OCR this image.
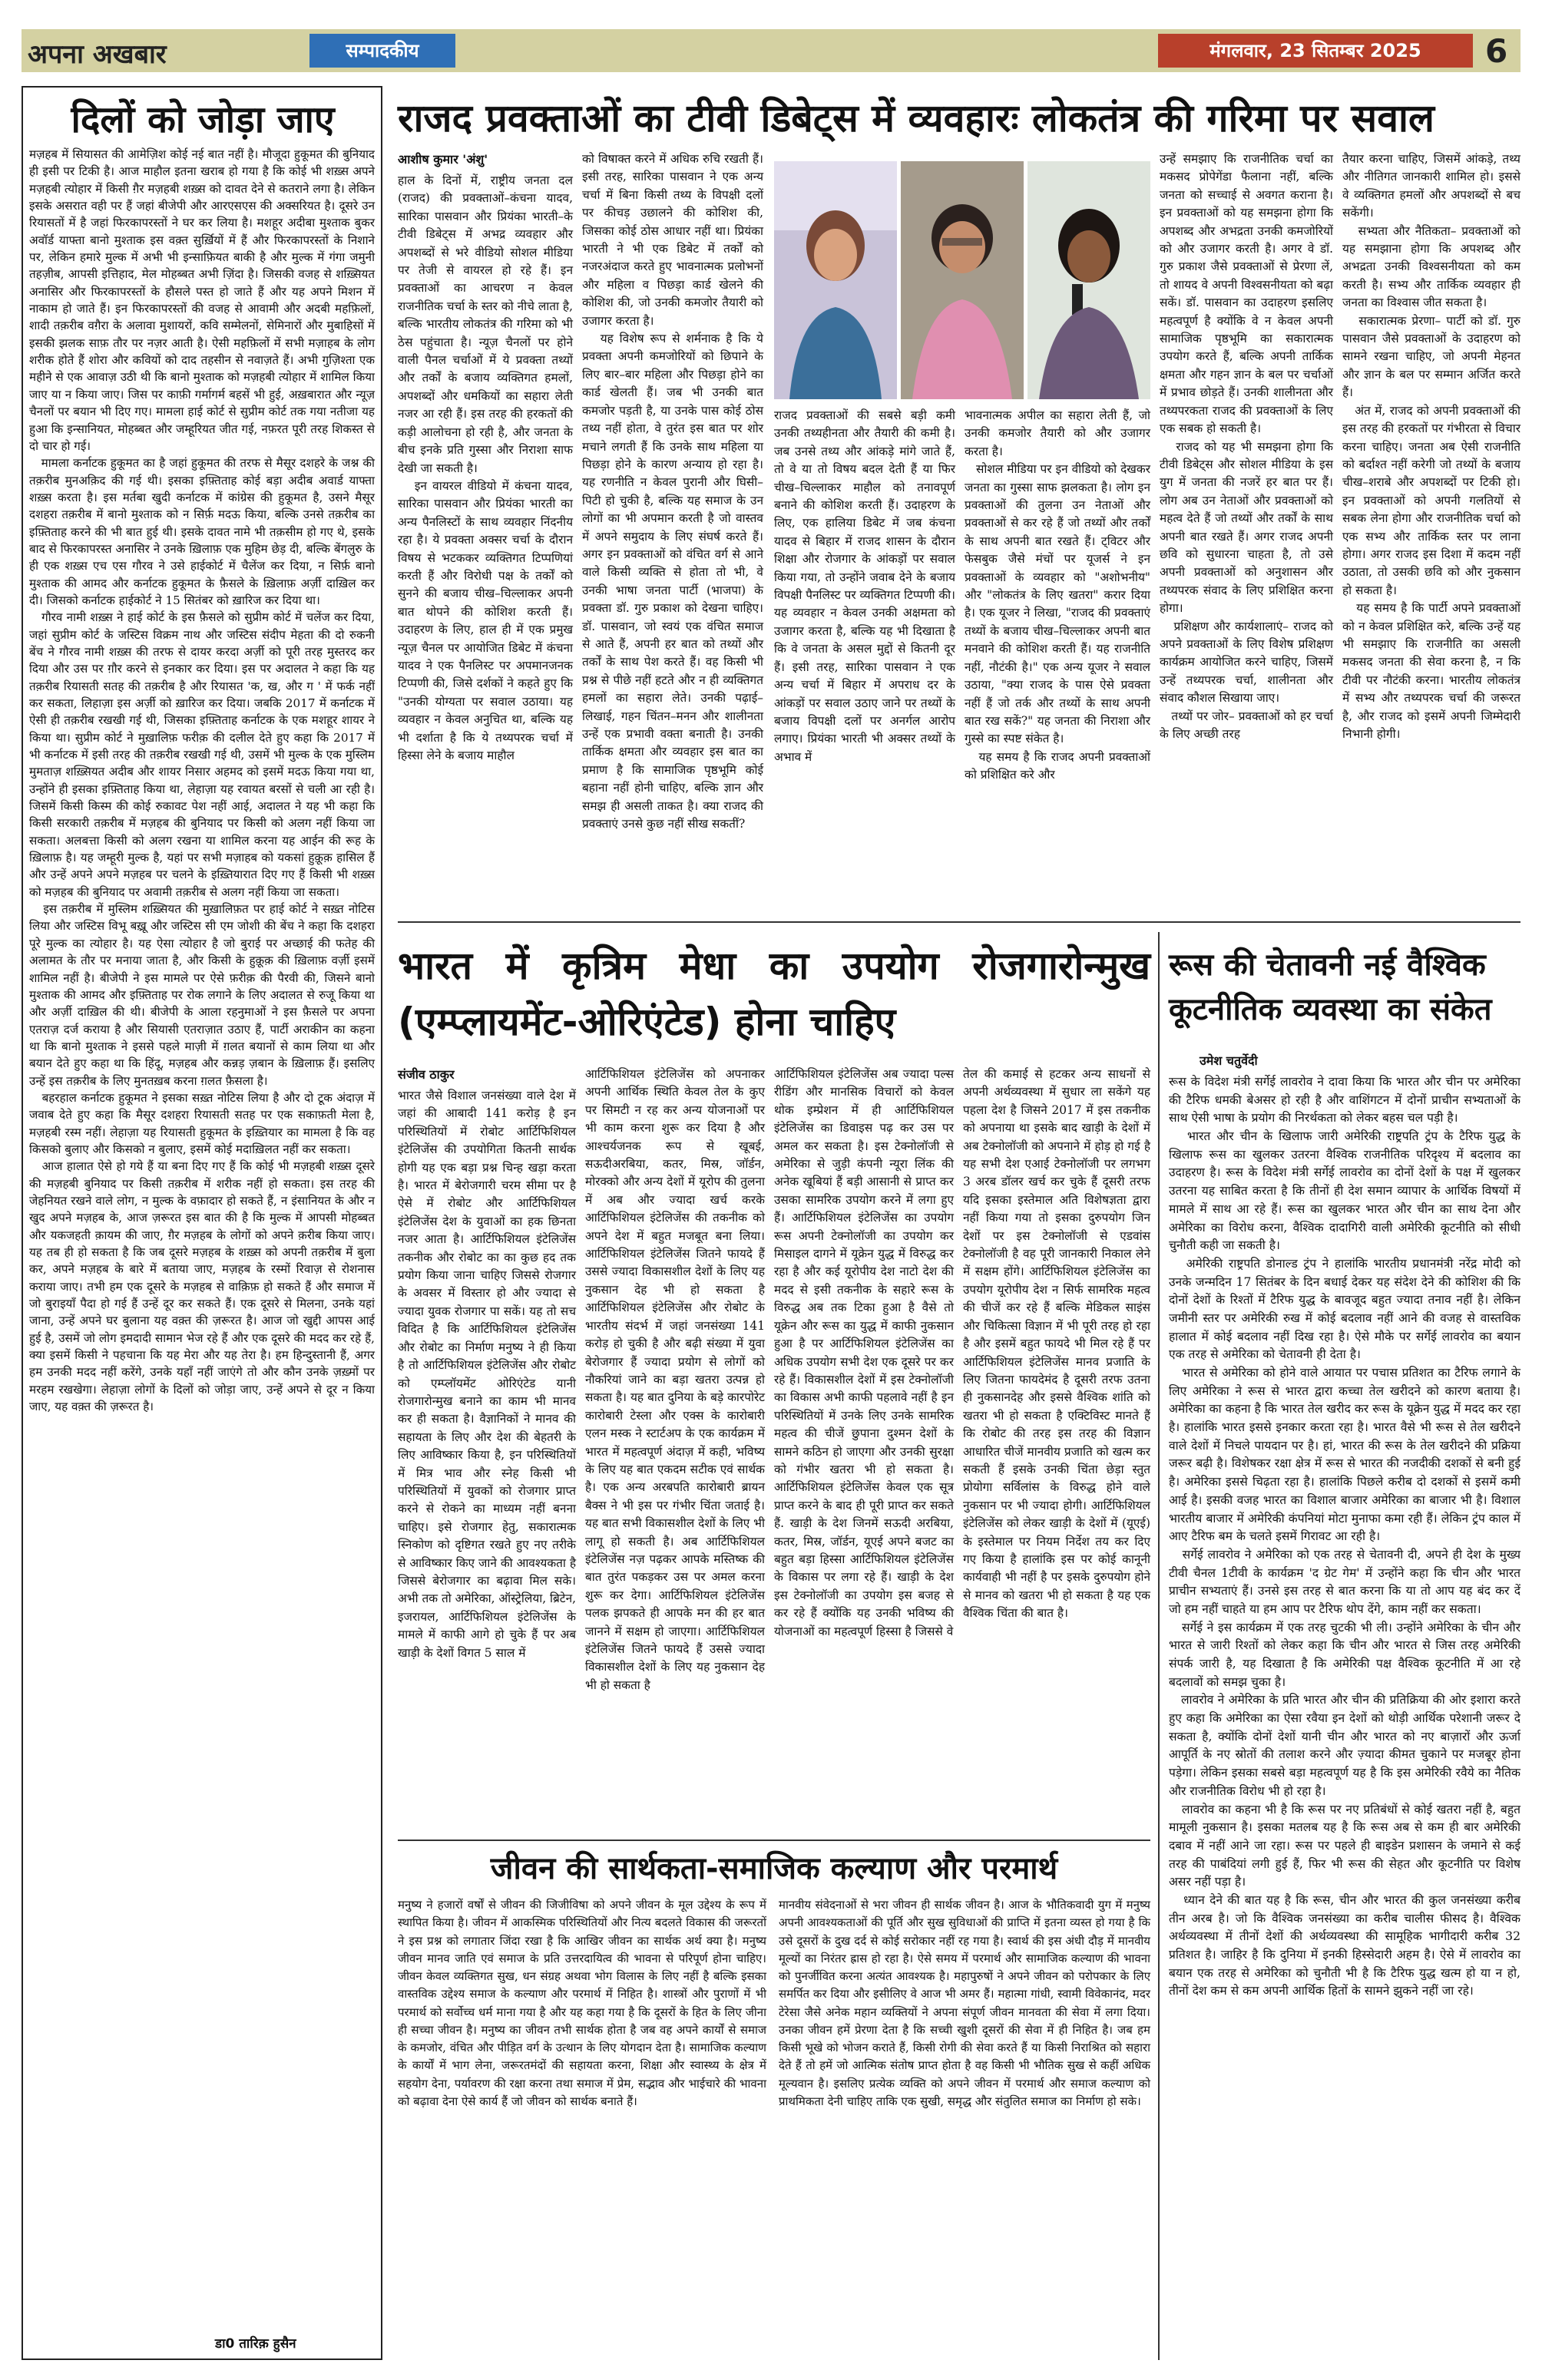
अपना अखबार	सम्पादकीय	मंगलवार, 23 सितम्बर 2025	6
दिलों को जोड़ा जाए

मज़हब में सियासत की आमेज़िश कोई नई बात नहीं है। मौजूदा हुकूमत की बुनियाद ही इसी पर टिकी है। आज माहौल इतना खराब हो गया है कि कोई भी शख़्स अपने मज़हबी त्योहार में किसी ग़ैर मज़हबी शख़्स को दावत देने से कतराने लगा है। लेकिन इसके असरात वही पर हैं जहां बीजेपी और आरएसएस की अक्सरियत है। दूसरे उन रियासतों में है जहां फिरकापरस्तों ने घर कर लिया है। मशहूर अदीबा मुश्ताक बुकर अवॉर्ड याफ्ता बानो मुश्ताक इस वक़्त सुर्ख़ियों में हैं और फिरकापरस्तों के निशाने पर, लेकिन हमारे मुल्क में अभी भी इन्साफ़ियत बाकी है और मुल्क में गंगा जमुनी तहज़ीब, आपसी इत्तिहाद, मेल मोहब्बत अभी ज़िंदा है। जिसकी वजह से शख़्सियत अनासिर और फिरकापरस्तों के हौसले पस्त हो जाते हैं और यह अपने मिशन में नाकाम हो जाते हैं। इन फिरकापरस्तों की वजह से आवामी और अदबी महफ़िलों, शादी तक़रीब वग़ैरा के अलावा मुशायरों, कवि सम्मेलनों, सेमिनारों और मुबाहिसों में इसकी झलक साफ़ तौर पर नज़र आती है। ऐसी महफ़िलों में सभी मज़ाहब के लोग शरीक होते हैं शोरा और कवियों को दाद तहसीन से नवाज़ते हैं। अभी गुज़िश्ता एक महीने से एक आवाज़ उठी थी कि बानो मुश्ताक को मज़हबी त्योहार में शामिल किया जाए या न किया जाए। जिस पर काफ़ी गर्मागर्म बहसें भी हुई, अख़बारात और न्यूज़ चैनलों पर बयान भी दिए गए। मामला हाई कोर्ट से सुप्रीम कोर्ट तक गया नतीजा यह हुआ कि इन्सानियत, मोहब्बत और जम्हूरियत जीत गई, नफ़रत पूरी तरह शिकस्त से दो चार हो गई।
मामला कर्नाटक हुकूमत का है जहां हुकूमत की तरफ से मैसूर दशहरे के जश्न की तक़रीब मुनअक़िद की गई थी। इसका इफ़्तिताह कोई बड़ा अदीब अवार्ड याफ्ता शख़्स करता है। इस मर्तबा खुदी कर्नाटक में कांग्रेस की हुकूमत है, उसने मैसूर दशहरा तक़रीब में बानो मुश्ताक को न सिर्फ़ मदऊ किया, बल्कि उनसे तक़रीब का इफ़्तिताह करने की भी बात हुई थी। इसके दावत नामे भी तक़सीम हो गए थे, इसके बाद से फिरकापरस्त अनासिर ने उनके ख़िलाफ़ एक मुहिम छेड़ दी, बल्कि बेंगलुरु के ही एक शख़्स एच एस गौरव ने उसे हाईकोर्ट में चैलेंज कर दिया, न सिर्फ़ बानो मुश्ताक की आमद और कर्नाटक हुकूमत के फ़ैसले के ख़िलाफ़ अर्ज़ी दाख़िल कर दी। जिसको कर्नाटक हाईकोर्ट ने 15 सितंबर को ख़ारिज कर दिया था।
गौरव नामी शख़्स ने हाई कोर्ट के इस फ़ैसले को सुप्रीम कोर्ट में चलेंज कर दिया, जहां सुप्रीम कोर्ट के जस्टिस विक्रम नाथ और जस्टिस संदीप मेहता की दो रुकनी बेंच ने गौरव नामी शख़्स की तरफ से दायर करदा अर्ज़ी को पूरी तरह मुस्तरद कर दिया और उस पर ग़ौर करने से इनकार कर दिया। इस पर अदालत ने कहा कि यह तक़रीब रियासती सतह की तक़रीब है और रियासत 'क, ख, और ग ' में फर्क नहीं कर सकता, लिहाज़ा इस अर्ज़ी को ख़ारिज कर दिया। जबकि 2017 में कर्नाटक में ऐसी ही तक़रीब रखखी गई थी, जिसका इफ़्तिताह कर्नाटक के एक मशहूर शायर ने किया था। सुप्रीम कोर्ट ने मुख़ालिफ़ फरीक़ की दलील देते हुए कहा कि 2017 में भी कर्नाटक में इसी तरह की तक़रीब रखखी गई थी, उसमें भी मुल्क के एक मुस्लिम मुमताज़ शख़्सियत अदीब और शायर निसार अहमद को इसमें मदऊ किया गया था, उन्होंने ही इसका इफ़्तिताह किया था, लेहाज़ा यह रवायत बरसों से चली आ रही है। जिसमें किसी किस्म की कोई रुकावट पेश नहीं आई, अदालत ने यह भी कहा कि किसी सरकारी तक़रीब में मज़हब की बुनियाद पर किसी को अलग नहीं किया जा सकता। अलबत्ता किसी को अलग रखना या शामिल करना यह आईन की रूह के ख़िलाफ़ है। यह जम्हूरी मुल्क है, यहां पर सभी मज़ाहब को यकसां हुक़ूक़ हासिल हैं और उन्हें अपने अपने मज़हब पर चलने के इख़्तियारात दिए गए हैं किसी भी शख़्स को मज़हब की बुनियाद पर अवामी तक़रीब से अलग नहीं किया जा सकता।
इस तक़रीब में मुस्लिम शख़्सियत की मुख़ालिफ़त पर हाई कोर्ट ने सख़्त नोटिस लिया और जस्टिस विभू बख़्रू और जस्टिस सी एम जोशी की बेंच ने कहा कि दशहरा पूरे मुल्क का त्योहार है। यह ऐसा त्योहार है जो बुराई पर अच्छाई की फतेह की अलामत के तौर पर मनाया जाता है, और किसी के हुक़ूक़ की ख़िलाफ़ वर्ज़ी इसमें शामिल नहीं है। बीजेपी ने इस मामले पर ऐसे फ़रीक़ की पैरवी की, जिसने बानो मुश्ताक की आमद और इफ़्तिताह पर रोक लगाने के लिए अदालत से रुजू किया था और अर्ज़ी दाख़िल की थी। बीजेपी के आला रहनुमाओं ने इस फ़ैसले पर अपना एतराज़ दर्ज कराया है और सियासी एतराज़ात उठाए हैं, पार्टी अराकीन का कहना था कि बानो मुश्ताक ने इससे पहले माज़ी में ग़लत बयानों से काम लिया था और बयान देते हुए कहा था कि हिंदू, मज़हब और कन्नड़ ज़बान के ख़िलाफ़ हैं। इसलिए उन्हें इस तक़रीब के लिए मुनतख़ब करना ग़लत फ़ैसला है।
बहरहाल कर्नाटक हुकूमत ने इसका सख़्त नोटिस लिया है और दो टूक अंदाज़ में जवाब देते हुए कहा कि मैसूर दशहरा रियासती सतह पर एक सकाफ़ती मेला है, मज़हबी रस्म नहीं। लेहाज़ा यह रियासती हुकूमत के इख़्तियार का मामला है कि वह किसको बुलाए और किसको न बुलाए, इसमें कोई मदाख़िलत नहीं कर सकता।
आज हालात ऐसे हो गये हैं या बना दिए गए हैं कि कोई भी मज़हबी शख़्स दूसरे की मज़हबी बुनियाद पर किसी तक़रीब में शरीक नहीं हो सकता। इस तरह की जेहनियत रखने वाले लोग, न मुल्क के वफ़ादार हो सकते हैं, न इंसानियत के और न खुद अपने मज़हब के, आज ज़रूरत इस बात की है कि मुल्क में आपसी मोहब्बत और यकजहती क़ायम की जाए, ग़ैर मज़हब के लोगों को अपने क़रीब किया जाए। यह तब ही हो सकता है कि जब दूसरे मज़हब के शख़्स को अपनी तक़रीब में बुला कर, अपने मज़हब के बारे में बताया जाए, मज़हब के रस्मों रिवाज़ से रोशनास कराया जाए। तभी हम एक दूसरे के मज़हब से वाक़िफ़ हो सकते हैं और समाज में जो बुराइयाँ पैदा हो गई हैं उन्हें दूर कर सकते हैं। एक दूसरे से मिलना, उनके यहां जाना, उन्हें अपने घर बुलाना यह वक़्त की ज़रूरत है। आज जो खुद्दी आपस आई हुई है, उसमें जो लोग इमदादी सामान भेज रहे हैं और एक दूसरे की मदद कर रहे हैं, क्या इसमें किसी ने पहचाना कि यह मेरा और यह तेरा है। हम हिन्दुस्तानी हैं, अगर हम उनकी मदद नहीं करेंगे, उनके यहाँ नहीं जाएंगे तो और कौन उनके ज़ख़्मों पर मरहम रखखेगा। लेहाज़ा लोगों के दिलों को जोड़ा जाए, उन्हें अपने से दूर न किया जाए, यह वक़्त की ज़रूरत है।

डा0 तारिक़ हुसैन
राजद प्रवक्ताओं का टीवी डिबेट्स में व्यवहारः लोकतंत्र की गरिमा पर सवाल

आशीष कुमार 'अंशु'

हाल के दिनों में, राष्ट्रीय जनता दल (राजद) की प्रवक्ताओं–कंचना यादव, सारिका पासवान और प्रियंका भारती–के टीवी डिबेट्स में अभद्र व्यवहार और अपशब्दों से भरे वीडियो सोशल मीडिया पर तेजी से वायरल हो रहे हैं। इन प्रवक्ताओं का आचरण न केवल राजनीतिक चर्चा के स्तर को नीचे लाता है, बल्कि भारतीय लोकतंत्र की गरिमा को भी ठेस पहुंचाता है। न्यूज़ चैनलों पर होने वाली पैनल चर्चाओं में ये प्रवक्ता तथ्यों और तर्कों के बजाय व्यक्तिगत हमलों, अपशब्दों और धमकियों का सहारा लेती नजर आ रही हैं। इस तरह की हरकतों की कड़ी आलोचना हो रही है, और जनता के बीच इनके प्रति गुस्सा और निराशा साफ देखी जा सकती है।
इन वायरल वीडियो में कंचना यादव, सारिका पासवान और प्रियंका भारती का अन्य पैनलिस्टों के साथ व्यवहार निंदनीय रहा है। ये प्रवक्ता अक्सर चर्चा के दौरान विषय से भटककर व्यक्तिगत टिप्पणियां करती हैं और विरोधी पक्ष के तर्कों को सुनने की बजाय चीख–चिल्लाकर अपनी बात थोपने की कोशिश करती हैं। उदाहरण के लिए, हाल ही में एक प्रमुख न्यूज़ चैनल पर आयोजित डिबेट में कंचना यादव ने एक पैनलिस्ट पर अपमानजनक टिप्पणी की, जिसे दर्शकों ने कहते हुए कि "उनकी योग्यता पर सवाल उठाया। यह व्यवहार न केवल अनुचित था, बल्कि यह भी दर्शाता है कि ये तथ्यपरक चर्चा में हिस्सा लेने के बजाय माहौल

को विषाक्त करने में अधिक रुचि रखती हैं। इसी तरह, सारिका पासवान ने एक अन्य चर्चा में बिना किसी तथ्य के विपक्षी दलों पर कीचड़ उछालने की कोशिश की, जिसका कोई ठोस आधार नहीं था। प्रियंका भारती ने भी एक डिबेट में तर्कों को नजरअंदाज करते हुए भावनात्मक प्रलोभनों और महिला व पिछड़ा कार्ड खेलने की कोशिश की, जो उनकी कमजोर तैयारी को उजागर करता है।
यह विशेष रूप से शर्मनाक है कि ये प्रवक्ता अपनी कमजोरियों को छिपाने के लिए बार–बार महिला और पिछड़ा होने का कार्ड खेलती हैं। जब भी उनकी बात कमजोर पड़ती है, या उनके पास कोई ठोस तथ्य नहीं होता, वे तुरंत इस बात पर शोर मचाने लगती हैं कि उनके साथ महिला या पिछड़ा होने के कारण अन्याय हो रहा है। यह रणनीति न केवल पुरानी और घिसी–पिटी हो चुकी है, बल्कि यह समाज के उन लोगों का भी अपमान करती है जो वास्तव में अपने समुदाय के लिए संघर्ष करते हैं। अगर इन प्रवक्ताओं को वंचित वर्ग से आने वाले किसी व्यक्ति से होता तो भी, वे उनकी भाषा जनता पार्टी (भाजपा) के प्रवक्ता डॉ. गुरु प्रकाश को देखना चाहिए। डॉ. पासवान, जो स्वयं एक वंचित समाज से आते हैं, अपनी हर बात को तथ्यों और तर्कों के साथ पेश करते हैं। वह किसी भी प्रश्न से पीछे नहीं हटते और न ही व्यक्तिगत हमलों का सहारा लेते। उनकी पढ़ाई–लिखाई, गहन चिंतन–मनन और शालीनता उन्हें एक प्रभावी वक्ता बनाती है। उनकी तार्किक क्षमता और व्यवहार इस बात का प्रमाण है कि सामाजिक पृष्ठभूमि कोई बहाना नहीं होनी चाहिए, बल्कि ज्ञान और समझ ही असली ताकत है। क्या राजद की प्रवक्ताएं उनसे कुछ नहीं सीख सकतीं?

राजद प्रवक्ताओं की सबसे बड़ी कमी उनकी तथ्यहीनता और तैयारी की कमी है। जब उनसे तथ्य और आंकड़े मांगे जाते हैं, तो वे या तो विषय बदल देती हैं या फिर चीख–चिल्लाकर माहौल को तनावपूर्ण बनाने की कोशिश करती हैं। उदाहरण के लिए, एक हालिया डिबेट में जब कंचना यादव से बिहार में राजद शासन के दौरान शिक्षा और रोजगार के आंकड़ों पर सवाल किया गया, तो उन्होंने जवाब देने के बजाय विपक्षी पैनलिस्ट पर व्यक्तिगत टिप्पणी की। यह व्यवहार न केवल उनकी अक्षमता को उजागर करता है, बल्कि यह भी दिखाता है कि वे जनता के असल मुद्दों से कितनी दूर हैं। इसी तरह, सारिका पासवान ने एक अन्य चर्चा में बिहार में अपराध दर के आंकड़ों पर सवाल उठाए जाने पर तथ्यों के बजाय विपक्षी दलों पर अनर्गल आरोप लगाए। प्रियंका भारती भी अक्सर तथ्यों के अभाव में

भावनात्मक अपील का सहारा लेती हैं, जो उनकी कमजोर तैयारी को और उजागर करता है।
सोशल मीडिया पर इन वीडियो को देखकर जनता का गुस्सा साफ झलकता है। लोग इन प्रवक्ताओं की तुलना उन नेताओं और प्रवक्ताओं से कर रहे हैं जो तथ्यों और तर्कों के साथ अपनी बात रखते हैं। ट्विटर और फेसबुक जैसे मंचों पर यूजर्स ने इन प्रवक्ताओं के व्यवहार को "अशोभनीय" और "लोकतंत्र के लिए खतरा" करार दिया है। एक यूजर ने लिखा, "राजद की प्रवक्ताएं तथ्यों के बजाय चीख–चिल्लाकर अपनी बात मनवाने की कोशिश करती हैं। यह राजनीति नहीं, नौटंकी है।" एक अन्य यूजर ने सवाल उठाया, "क्या राजद के पास ऐसे प्रवक्ता नहीं हैं जो तर्क और तथ्यों के साथ अपनी बात रख सकें?" यह जनता की निराशा और गुस्से का स्पष्ट संकेत है।
यह समय है कि राजद अपनी प्रवक्ताओं को प्रशिक्षित करे और

उन्हें समझाए कि राजनीतिक चर्चा का मकसद प्रोपेगेंडा फैलाना नहीं, बल्कि जनता को सच्चाई से अवगत कराना है। इन प्रवक्ताओं को यह समझना होगा कि अपशब्द और अभद्रता उनकी कमजोरियों को और उजागर करती है। अगर वे डॉ. गुरु प्रकाश जैसे प्रवक्ताओं से प्रेरणा लें, तो शायद वे अपनी विश्वसनीयता को बढ़ा सकें। डॉ. पासवान का उदाहरण इसलिए महत्वपूर्ण है क्योंकि वे न केवल अपनी सामाजिक पृष्ठभूमि का सकारात्मक उपयोग करते हैं, बल्कि अपनी तार्किक क्षमता और गहन ज्ञान के बल पर चर्चाओं में प्रभाव छोड़ते हैं। उनकी शालीनता और तथ्यपरकता राजद की प्रवक्ताओं के लिए एक सबक हो सकती है।
राजद को यह भी समझना होगा कि टीवी डिबेट्स और सोशल मीडिया के इस युग में जनता की नजरें हर बात पर हैं। लोग अब उन नेताओं और प्रवक्ताओं को महत्व देते हैं जो तथ्यों और तर्कों के साथ अपनी बात रखते हैं। अगर राजद अपनी छवि को सुधारना चाहता है, तो उसे अपनी प्रवक्ताओं को अनुशासन और तथ्यपरक संवाद के लिए प्रशिक्षित करना होगा।
प्रशिक्षण और कार्यशालाएं– राजद को अपने प्रवक्ताओं के लिए विशेष प्रशिक्षण कार्यक्रम आयोजित करने चाहिए, जिसमें उन्हें तथ्यपरक चर्चा, शालीनता और संवाद कौशल सिखाया जाए।
तथ्यों पर जोर– प्रवक्ताओं को हर चर्चा के लिए अच्छी तरह

तैयार करना चाहिए, जिसमें आंकड़े, तथ्य और नीतिगत जानकारी शामिल हो। इससे वे व्यक्तिगत हमलों और अपशब्दों से बच सकेंगी।
सभ्यता और नैतिकता– प्रवक्ताओं को यह समझाना होगा कि अपशब्द और अभद्रता उनकी विश्वसनीयता को कम करती है। सभ्य और तार्किक व्यवहार ही जनता का विश्वास जीत सकता है।
सकारात्मक प्रेरणा– पार्टी को डॉ. गुरु पासवान जैसे प्रवक्ताओं के उदाहरण को सामने रखना चाहिए, जो अपनी मेहनत और ज्ञान के बल पर सम्मान अर्जित करते हैं।
अंत में, राजद को अपनी प्रवक्ताओं की इस तरह की हरकतों पर गंभीरता से विचार करना चाहिए। जनता अब ऐसी राजनीति को बर्दाश्त नहीं करेगी जो तथ्यों के बजाय चीख–शराबे और अपशब्दों पर टिकी हो। इन प्रवक्ताओं को अपनी गलतियों से सबक लेना होगा और राजनीतिक चर्चा को एक सभ्य और तार्किक स्तर पर लाना होगा। अगर राजद इस दिशा में कदम नहीं उठाता, तो उसकी छवि को और नुकसान हो सकता है।
यह समय है कि पार्टी अपने प्रवक्ताओं को न केवल प्रशिक्षित करे, बल्कि उन्हें यह भी समझाए कि राजनीति का असली मकसद जनता की सेवा करना है, न कि टीवी पर नौटंकी करना। भारतीय लोकतंत्र में सभ्य और तथ्यपरक चर्चा की जरूरत है, और राजद को इसमें अपनी जिम्मेदारी निभानी होगी।

भारत में कृत्रिम मेधा का उपयोग रोजगारोन्मुख (एम्प्लायमेंट-ओरिएंटेड) होना चाहिए

संजीव ठाकुर

भारत जैसे विशाल जनसंख्या वाले देश में जहां की आबादी 141 करोड़ है इन परिस्थितियों में रोबोट आर्टिफिशियल इंटेलिजेंस की उपयोगिता कितनी सार्थक होगी यह एक बड़ा प्रश्न चिन्ह खड़ा करता है। भारत में बेरोजगारी चरम सीमा पर है ऐसे में रोबोट और आर्टिफिशियल इंटेलिजेंस देश के युवाओं का हक छिनता नजर आता है। आर्टिफिशियल इंटेलिजेंस तकनीक और रोबोट का का कुछ हद तक प्रयोग किया जाना चाहिए जिससे रोजगार के अवसर में विस्तार हो और ज्यादा से ज्यादा युवक रोजगार पा सकें। यह तो सच विदित है कि आर्टिफिशियल इंटेलिजेंस और रोबोट का निर्माण मनुष्य ने ही किया है तो आर्टिफिशियल इंटेलिजेंस और रोबोट को एम्प्लॉयमेंट ओरिएंटेड यानी रोजगारोन्मुख बनाने का काम भी मानव कर ही सकता है। वैज्ञानिकों ने मानव की सहायता के लिए और देश की बेहतरी के लिए आविष्कार किया है, इन परिस्थितियों में मित्र भाव और स्नेह किसी भी परिस्थितियों में युवकों को रोजगार प्राप्त करने से रोकने का माध्यम नहीं बनना चाहिए। इसे रोजगार हेतु, सकारात्मक स्निकोण को दृष्टिगत रखते हुए नए तरीके से आविष्कार किए जाने की आवश्यकता है जिससे बेरोजगार का बढ़ावा मिल सके। अभी तक तो अमेरिका, ऑस्ट्रेलिया, ब्रिटेन, इजरायल, आर्टिफिशियल इंटेलिजेंस के मामले में काफी आगे हो चुके हैं पर अब खाड़ी के देशों विगत 5 साल में

आर्टिफिशियल इंटेलिजेंस को अपनाकर अपनी आर्थिक स्थिति केवल तेल के कुए पर सिमटी न रह कर अन्य योजनाओं पर भी काम करना शुरू कर दिया है और आश्चर्यजनक रूप से खूबई, सऊदीअरबिया, कतर, मिस्र, जॉर्डन, मोरक्को और अन्य देशों में यूरोप की तुलना में अब और ज्यादा खर्च करके आर्टिफिशियल इंटेलिजेंस की तकनीक को अपने देश में बहुत मजबूत बना लिया। आर्टिफिशियल इंटेलिजेंस जितने फायदे हैं उससे ज्यादा विकासशील देशों के लिए यह नुकसान देह भी हो सकता है आर्टिफिशियल इंटेलिजेंस और रोबोट के भारतीय संदर्भ में जहां जनसंख्या 141 करोड़ हो चुकी है और बढ़ी संख्या में युवा बेरोजगार हैं ज्यादा प्रयोग से लोगों को नौकरियां जाने का बड़ा खतरा उत्पन्न हो सकता है। यह बात दुनिया के बड़े कारपोरेट कारोबारी टेस्ला और एक्स के कारोबारी एलन मस्क ने स्टार्टअप के एक कार्यक्रम में भारत में महत्वपूर्ण अंदाज़ में कही, भविष्य के लिए यह बात एकदम सटीक एवं सार्थक है। एक अन्य अरबपति कारोबारी ब्रायन बैक्स ने भी इस पर गंभीर चिंता जताई है। यह बात सभी विकासशील देशों के लिए भी लागू हो सकती है। अब आर्टिफिशियल इंटेलिजेंस नज़ पढ़कर आपके मस्तिष्क की बात तुरंत पकड़कर उस पर अमल करना शुरू कर देगा। आर्टिफिशियल इंटेलिजेंस पलक झपकते ही आपके मन की हर बात जानने में सक्षम हो जाएगा। आर्टिफिशियल इंटेलिजेंस जितने फायदे हैं उससे ज्यादा विकासशील देशों के लिए यह नुकसान देह भी हो सकता है

आर्टिफिशियल इंटेलिजेंस अब ज्यादा पल्स रीडिंग और मानसिक विचारों को केवल थोक इम्प्रेशन में ही आर्टिफिशियल इंटेलिजेंस का डिवाइस पढ़ कर उस पर अमल कर सकता है। इस टेक्नोलॉजी से अमेरिका से जुड़ी कंपनी न्यूरा लिंक की अनेक खूबियां हैं बड़ी आसानी से प्राप्त कर उसका सामरिक उपयोग करने में लगा हुए हैं। आर्टिफिशियल इंटेलिजेंस का उपयोग रूस अपनी टेक्नोलॉजी का उपयोग कर मिसाइल दागने में यूक्रेन युद्ध में विरुद्ध कर रहा है और कई यूरोपीय देश नाटो देश की मदद से इसी तकनीक के सहारे रूस के विरुद्ध अब तक टिका हुआ है वैसे तो यूक्रेन और रूस का युद्ध में काफी नुकसान हुआ है पर आर्टिफिशियल इंटेलिजेंस का अधिक उपयोग सभी देश एक दूसरे पर कर रहे हैं। विकासशील देशों में इस टेक्नोलॉजी का विकास अभी काफी पहलावे नहीं है इन परिस्थितियों में उनके लिए उनके सामरिक महत्व की चीजें छुपाना दुश्मन देशों के सामने कठिन हो जाएगा और उनकी सुरक्षा को गंभीर खतरा भी हो सकता है। आर्टिफिशियल इंटेलिजेंस केवल एक सूत्र प्राप्त करने के बाद ही पूरी प्राप्त कर सकते हैं. खाड़ी के देश जिनमें सऊदी अरबिया, कतर, मिस्र, जॉर्डन, यूएई अपने बजट का बहुत बड़ा हिस्सा आर्टिफिशियल इंटेलिजेंस के विकास पर लगा रहे हैं। खाड़ी के देश इस टेक्नोलॉजी का उपयोग इस बजह से कर रहे हैं क्योंकि यह उनकी भविष्य की योजनाओं का महत्वपूर्ण हिस्सा है जिससे वे

तेल की कमाई से हटकर अन्य साधनों से अपनी अर्थव्यवस्था में सुधार ला सकेंगे यह पहला देश है जिसने 2017 में इस तकनीक को अपनाया था इसके बाद खाड़ी के देशों में अब टेक्नोलॉजी को अपनाने में होड़ हो गई है यह सभी देश एआई टेक्नोलॉजी पर लगभग 3 अरब डॉलर खर्च कर चुके हैं दूसरी तरफ यदि इसका इस्तेमाल अति विशेषज्ञता द्वारा नहीं किया गया तो इसका दुरुपयोग जिन देशों पर इस टेक्नोलॉजी से एडवांस टेक्नोलॉजी है वह पूरी जानकारी निकाल लेने में सक्षम होंगे। आर्टिफिशियल इंटेलिजेंस का उपयोग यूरोपीय देश न सिर्फ सामरिक महत्व की चीजें कर रहे हैं बल्कि मेडिकल साइंस और चिकित्सा विज्ञान में भी पूरी तरह हो रहा है और इसमें बहुत फायदे भी मिल रहे हैं पर आर्टिफिशियल इंटेलिजेंस मानव प्रजाति के लिए जितना फायदेमंद है दूसरी तरफ उतना ही नुकसानदेह और इससे वैश्विक शांति को खतरा भी हो सकता है एक्टिविस्ट मानते हैं कि रोबोट की तरह इस तरह की विज्ञान आधारित चीजें मानवीय प्रजाति को खत्म कर सकती हैं इसके उनकी चिंता छेड़ा स्तुत प्रोयोगा सर्विलांस के विरुद्ध होने वाले नुकसान पर भी ज्यादा होगी। आर्टिफिशियल इंटेलिजेंस को लेकर खाड़ी के देशों में (यूएई) के इस्तेमाल पर नियम निर्देश तय कर दिए गए किया है हालांकि इस पर कोई कानूनी कार्यवाही भी नहीं है पर इसके दुरुपयोग होने से मानव को खतरा भी हो सकता है यह एक वैश्विक चिंता की बात है।

रूस की चेतावनी नई वैश्विक कूटनीतिक व्यवस्था का संकेत

उमेश चतुर्वेदी

रूस के विदेश मंत्री सर्गेई लावरोव ने दावा किया कि भारत और चीन पर अमेरिका की टैरिफ धमकी बेअसर हो रही है और वाशिंगटन में दोनों प्राचीन सभ्यताओं के साथ ऐसी भाषा के प्रयोग की निरर्थकता को लेकर बहस चल पड़ी है।
भारत और चीन के खिलाफ जारी अमेरिकी राष्ट्रपति ट्रंप के टैरिफ युद्ध के खिलाफ रूस का खुलकर उतरना वैश्विक राजनीतिक परिदृश्य में बदलाव का उदाहरण है। रूस के विदेश मंत्री सर्गेई लावरोव का दोनों देशों के पक्ष में खुलकर उतरना यह साबित करता है कि तीनों ही देश समान व्यापार के आर्थिक विषयों में मामले में साथ आ रहे हैं। रूस का खुलकर भारत और चीन का साथ देना और अमेरिका का विरोध करना, वैश्विक दादागिरी वाली अमेरिकी कूटनीति को सीधी चुनौती कही जा सकती है।
अमेरिकी राष्ट्रपति डोनाल्ड ट्रंप ने हालांकि भारतीय प्रधानमंत्री नरेंद्र मोदी को उनके जन्मदिन 17 सितंबर के दिन बधाई देकर यह संदेश देने की कोशिश की कि दोनों देशों के रिश्तों में टैरिफ युद्ध के बावजूद बहुत ज्यादा तनाव नहीं है। लेकिन जमीनी स्तर पर अमेरिकी रुख में कोई बदलाव नहीं आने की वजह से वास्तविक हालात में कोई बदलाव नहीं दिख रहा है। ऐसे मौके पर सर्गेई लावरोव का बयान एक तरह से अमेरिका को चेतावनी ही देता है।
भारत से अमेरिका को होने वाले आयात पर पचास प्रतिशत का टैरिफ लगाने के लिए अमेरिका ने रूस से भारत द्वारा कच्चा तेल खरीदने को कारण बताया है। अमेरिका का कहना है कि भारत तेल खरीद कर रूस के यूक्रेन युद्ध में मदद कर रहा है। हालांकि भारत इससे इनकार करता रहा है। भारत वैसे भी रूस से तेल खरीदने वाले देशों में निचले पायदान पर है। हां, भारत की रूस के तेल खरीदने की प्रक्रिया जरूर बढ़ी है। विशेषकर रक्षा क्षेत्र में रूस से भारत की नजदीकी दशकों से बनी हुई है। अमेरिका इससे चिढ़ता रहा है। हालांकि पिछले करीब दो दशकों से इसमें कमी आई है। इसकी वजह भारत का विशाल बाजार अमेरिका का बाजार भी है। विशाल भारतीय बाजार में अमेरिकी कंपनियां मोटा मुनाफा कमा रही हैं। लेकिन ट्रंप काल में आए टैरिफ बम के चलते इसमें गिरावट आ रही है।
सर्गेई लावरोव ने अमेरिका को एक तरह से चेतावनी दी, अपने ही देश के मुख्य टीवी चैनल 1टीवी के कार्यक्रम 'द ग्रेट गेम' में उन्होंने कहा कि चीन और भारत प्राचीन सभ्यताएं हैं। उनसे इस तरह से बात करना कि या तो आप यह बंद कर दें जो हम नहीं चाहते या हम आप पर टैरिफ थोप देंगे, काम नहीं कर सकता।
सर्गेई ने इस कार्यक्रम में एक तरह चुटकी भी ली। उन्होंने अमेरिका के चीन और भारत से जारी रिश्तों को लेकर कहा कि चीन और भारत से जिस तरह अमेरिकी संपर्क जारी है, यह दिखाता है कि अमेरिकी पक्ष वैश्विक कूटनीति में आ रहे बदलावों को समझ चुका है।
लावरोव ने अमेरिका के प्रति भारत और चीन की प्रतिक्रिया की ओर इशारा करते हुए कहा कि अमेरिका का ऐसा रवैया इन देशों को थोड़ी आर्थिक परेशानी जरूर दे सकता है, क्योंकि दोनों देशों यानी चीन और भारत को नए बाज़ारों और ऊर्जा आपूर्ति के नए स्रोतों की तलाश करने और ज़्यादा कीमत चुकाने पर मजबूर होना पड़ेगा। लेकिन इसका सबसे बड़ा महत्वपूर्ण यह है कि इस अमेरिकी रवैये का नैतिक और राजनीतिक विरोध भी हो रहा है।
लावरोव का कहना भी है कि रूस पर नए प्रतिबंधों से कोई खतरा नहीं है, बहुत मामूली नुकसान है। इसका मतलब यह है कि रूस अब से कम ही बार अमेरिकी दबाव में नहीं आने जा रहा। रूस पर पहले ही बाइडेन प्रशासन के जमाने से कई तरह की पाबंदियां लगी हुई हैं, फिर भी रूस की सेहत और कूटनीति पर विशेष असर नहीं पड़ा है।
ध्यान देने की बात यह है कि रूस, चीन और भारत की कुल जनसंख्या करीब तीन अरब है। जो कि वैश्विक जनसंख्या का करीब चालीस फीसद है। वैश्विक अर्थव्यवस्था में तीनों देशों की अर्थव्यवस्था की सामूहिक भागीदारी करीब 32 प्रतिशत है। जाहिर है कि दुनिया में इनकी हिस्सेदारी अहम है। ऐसे में लावरोव का बयान एक तरह से अमेरिका को चुनौती भी है कि टैरिफ युद्ध खत्म हो या न हो, तीनों देश कम से कम अपनी आर्थिक हितों के सामने झुकने नहीं जा रहे।

जीवन की सार्थकता-समाजिक कल्याण और परमार्थ

मनुष्य ने हजारों वर्षों से जीवन की जिजीविषा को अपने जीवन के मूल उद्देश्य के रूप में स्थापित किया है। जीवन में आकस्मिक परिस्थितियों और नित्य बदलते विकास की जरूरतों ने इस प्रश्न को लगातार जिंदा रखा है कि आखिर जीवन का सार्थक अर्थ क्या है। मनुष्य जीवन मानव जाति एवं समाज के प्रति उत्तरदायित्व की भावना से परिपूर्ण होना चाहिए। जीवन केवल व्यक्तिगत सुख, धन संग्रह अथवा भोग विलास के लिए नहीं है बल्कि इसका वास्तविक उद्देश्य समाज के कल्याण और परमार्थ में निहित है। शास्त्रों और पुराणों में भी परमार्थ को सर्वोच्च धर्म माना गया है और यह कहा गया है कि दूसरों के हित के लिए जीना ही सच्चा जीवन है। मनुष्य का जीवन तभी सार्थक होता है जब वह अपने कार्यों से समाज के कमजोर, वंचित और पीड़ित वर्ग के उत्थान के लिए योगदान देता है। सामाजिक कल्याण के कार्यों में भाग लेना, जरूरतमंदों की सहायता करना, शिक्षा और स्वास्थ्य के क्षेत्र में सहयोग देना, पर्यावरण की रक्षा करना तथा समाज में प्रेम, सद्भाव और भाईचारे की भावना को बढ़ावा देना ऐसे कार्य हैं जो जीवन को सार्थक बनाते हैं।

मानवीय संवेदनाओं से भरा जीवन ही सार्थक जीवन है। आज के भौतिकवादी युग में मनुष्य अपनी आवश्यकताओं की पूर्ति और सुख सुविधाओं की प्राप्ति में इतना व्यस्त हो गया है कि उसे दूसरों के दुख दर्द से कोई सरोकार नहीं रह गया है। स्वार्थ की इस अंधी दौड़ में मानवीय मूल्यों का निरंतर ह्रास हो रहा है। ऐसे समय में परमार्थ और सामाजिक कल्याण की भावना को पुनर्जीवित करना अत्यंत आवश्यक है। महापुरुषों ने अपने जीवन को परोपकार के लिए समर्पित कर दिया और इसीलिए वे आज भी अमर हैं। महात्मा गांधी, स्वामी विवेकानंद, मदर टेरेसा जैसे अनेक महान व्यक्तियों ने अपना संपूर्ण जीवन मानवता की सेवा में लगा दिया। उनका जीवन हमें प्रेरणा देता है कि सच्ची खुशी दूसरों की सेवा में ही निहित है। जब हम किसी भूखे को भोजन कराते हैं, किसी रोगी की सेवा करते हैं या किसी निराश्रित को सहारा देते हैं तो हमें जो आत्मिक संतोष प्राप्त होता है वह किसी भी भौतिक सुख से कहीं अधिक मूल्यवान है। इसलिए प्रत्येक व्यक्ति को अपने जीवन में परमार्थ और समाज कल्याण को प्राथमिकता देनी चाहिए ताकि एक सुखी, समृद्ध और संतुलित समाज का निर्माण हो सके।
